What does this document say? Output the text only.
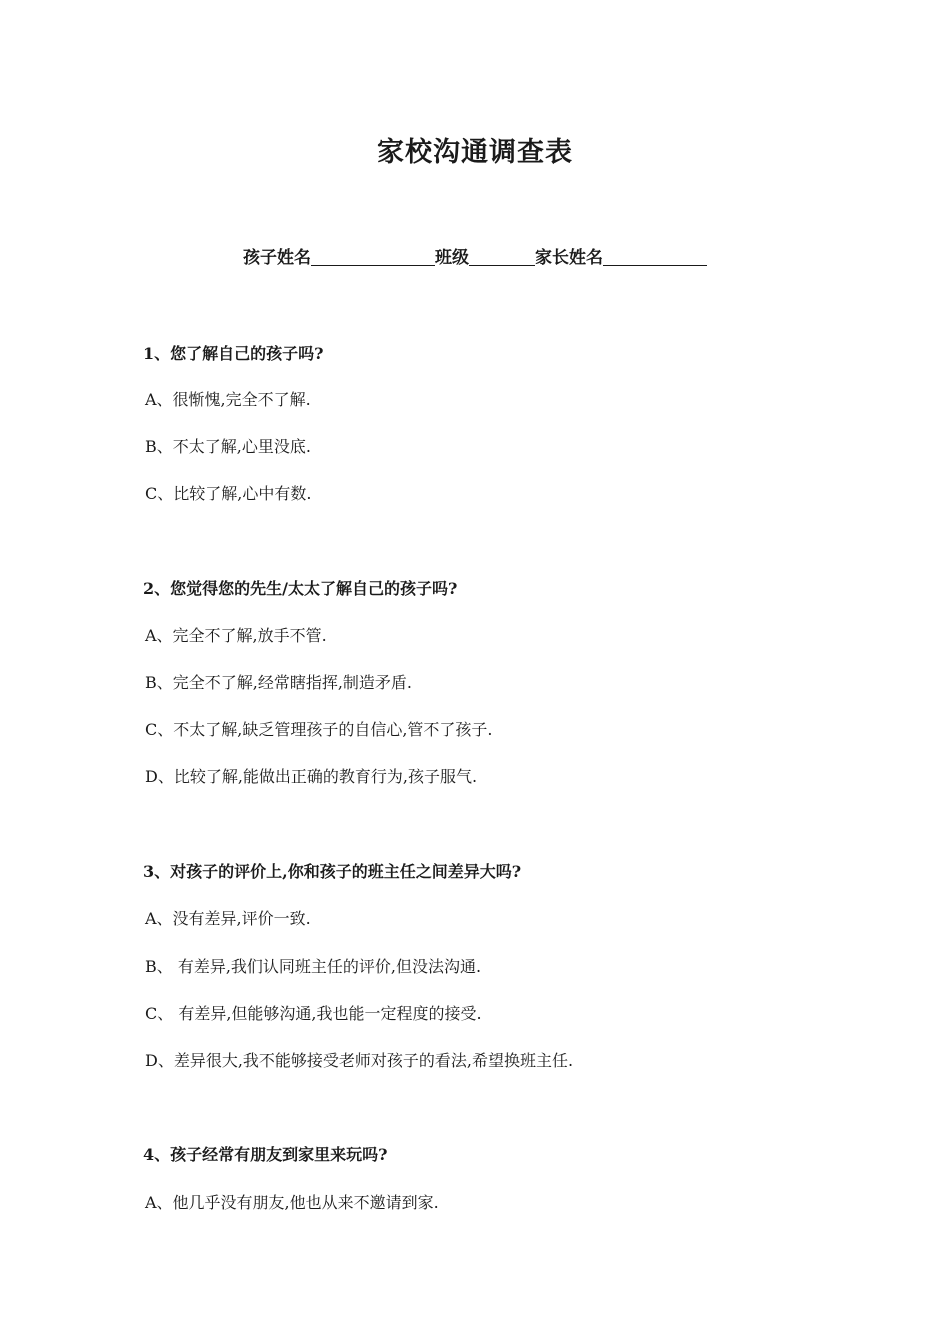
家校沟通调查表
孩子姓名	班级	家长姓名
1、您了解自己的孩子吗?
A、很惭愧,完全不了解.
B、不太了解,心里没底.
C、比较了解,心中有数.
2、您觉得您的先生/太太了解自己的孩子吗?
A、完全不了解,放手不管.
B、完全不了解,经常瞎指挥,制造矛盾.
C、不太了解,缺乏管理孩子的自信心,管不了孩子.
D、比较了解,能做出正确的教育行为,孩子服气.
3、对孩子的评价上,你和孩子的班主任之间差异大吗?
A、没有差异,评价一致.
B、 有差异,我们认同班主任的评价,但没法沟通.
C、 有差异,但能够沟通,我也能一定程度的接受.
D、差异很大,我不能够接受老师对孩子的看法,希望换班主任.
4、孩子经常有朋友到家里来玩吗?
A、他几乎没有朋友,他也从来不邀请到家.
